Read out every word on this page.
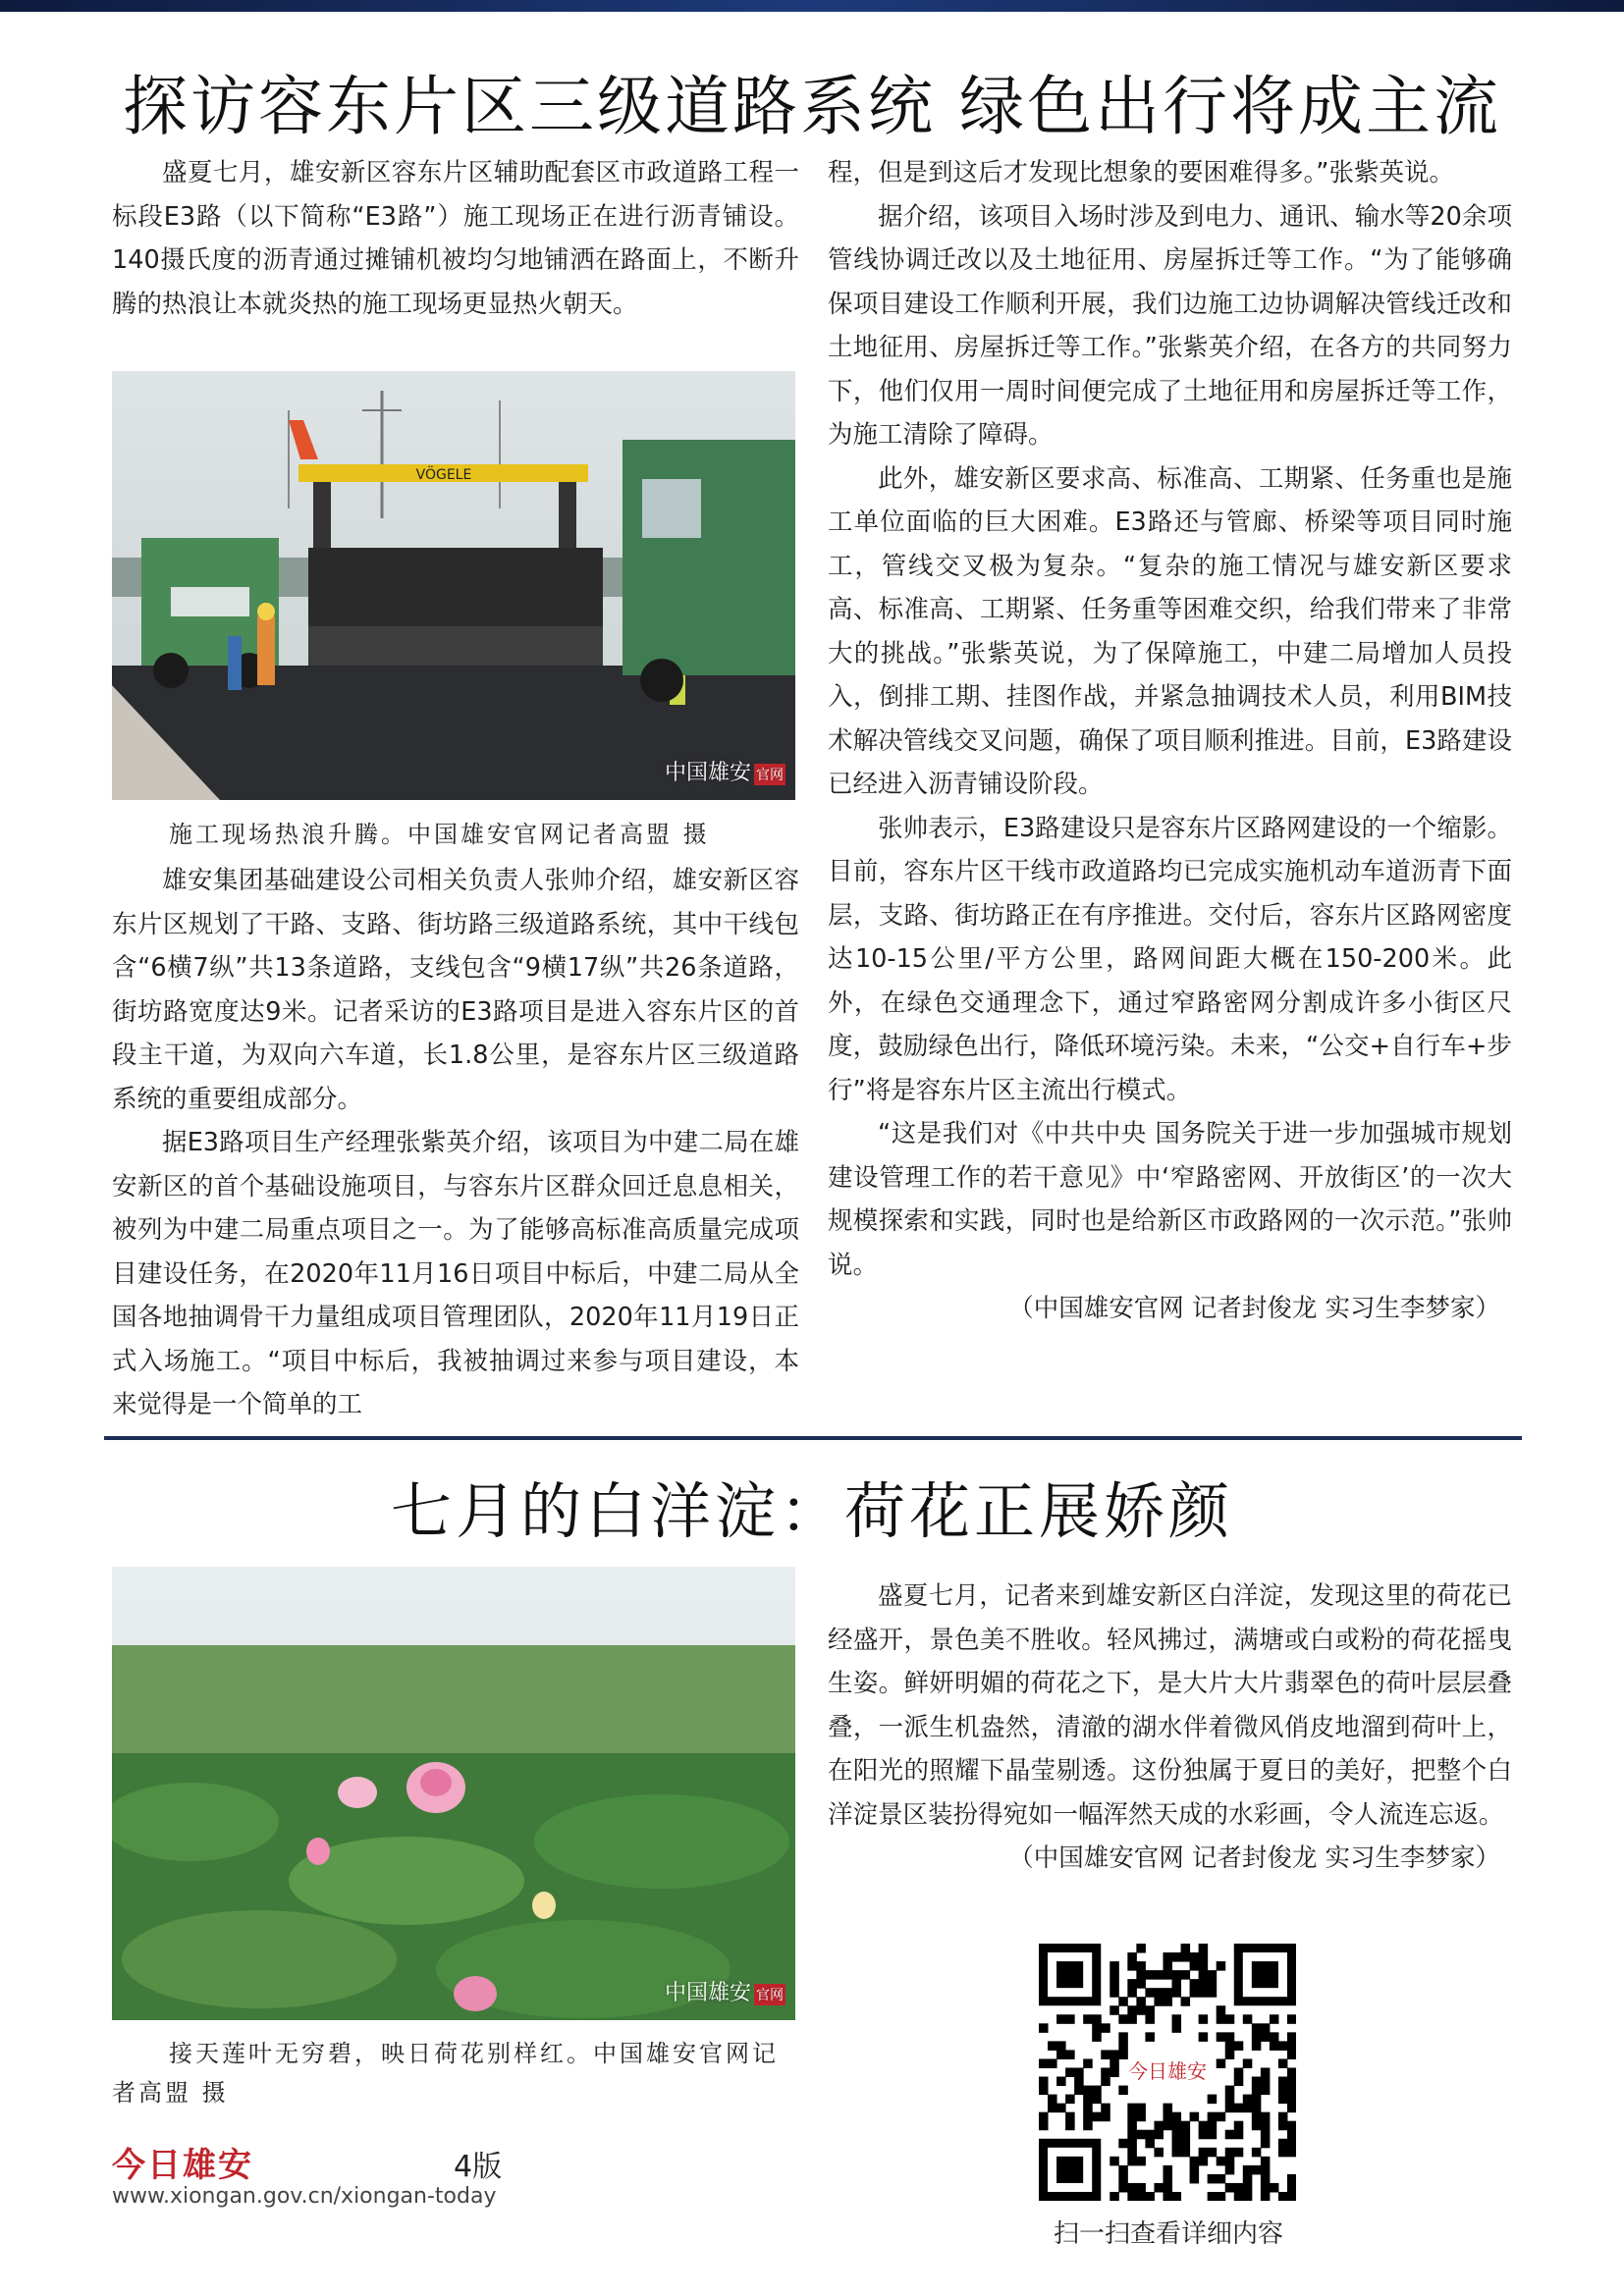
探访容东片区三级道路系统 绿色出行将成主流

盛夏七月，雄安新区容东片区辅助配套区市政道路工程一标段E3路（以下简称“E3路”）施工现场正在进行沥青铺设。140摄氏度的沥青通过摊铺机被均匀地铺洒在路面上，不断升腾的热浪让本就炎热的施工现场更显热火朝天。

VÖGELE
中国雄安 官网
施工现场热浪升腾。中国雄安官网记者高盟 摄

雄安集团基础建设公司相关负责人张帅介绍，雄安新区容东片区规划了干路、支路、街坊路三级道路系统，其中干线包含“6横7纵”共13条道路，支线包含“9横17纵”共26条道路，街坊路宽度达9米。记者采访的E3路项目是进入容东片区的首段主干道，为双向六车道，长1.8公里，是容东片区三级道路系统的重要组成部分。

据E3路项目生产经理张紫英介绍，该项目为中建二局在雄安新区的首个基础设施项目，与容东片区群众回迁息息相关，被列为中建二局重点项目之一。为了能够高标准高质量完成项目建设任务，在2020年11月16日项目中标后，中建二局从全国各地抽调骨干力量组成项目管理团队，2020年11月19日正式入场施工。“项目中标后，我被抽调过来参与项目建设，本来觉得是一个简单的工

程，但是到这后才发现比想象的要困难得多。”张紫英说。

据介绍，该项目入场时涉及到电力、通讯、输水等20余项管线协调迁改以及土地征用、房屋拆迁等工作。“为了能够确保项目建设工作顺利开展，我们边施工边协调解决管线迁改和土地征用、房屋拆迁等工作。”张紫英介绍，在各方的共同努力下，他们仅用一周时间便完成了土地征用和房屋拆迁等工作，为施工清除了障碍。

此外，雄安新区要求高、标准高、工期紧、任务重也是施工单位面临的巨大困难。E3路还与管廊、桥梁等项目同时施工，管线交叉极为复杂。“复杂的施工情况与雄安新区要求高、标准高、工期紧、任务重等困难交织，给我们带来了非常大的挑战。”张紫英说，为了保障施工，中建二局增加人员投入，倒排工期、挂图作战，并紧急抽调技术人员，利用BIM技术解决管线交叉问题，确保了项目顺利推进。目前，E3路建设已经进入沥青铺设阶段。

张帅表示，E3路建设只是容东片区路网建设的一个缩影。目前，容东片区干线市政道路均已完成实施机动车道沥青下面层，支路、街坊路正在有序推进。交付后，容东片区路网密度达10-15公里/平方公里，路网间距大概在150-200米。此外，在绿色交通理念下，通过窄路密网分割成许多小街区尺度，鼓励绿色出行，降低环境污染。未来，“公交+自行车+步行”将是容东片区主流出行模式。

“这是我们对《中共中央 国务院关于进一步加强城市规划建设管理工作的若干意见》中‘窄路密网、开放街区’的一次大规模探索和实践，同时也是给新区市政路网的一次示范。”张帅说。

（中国雄安官网 记者封俊龙 实习生李梦家）

七月的白洋淀：荷花正展娇颜
中国雄安 官网
接天莲叶无穷碧，映日荷花别样红。中国雄安官网记者高盟 摄

盛夏七月，记者来到雄安新区白洋淀，发现这里的荷花已经盛开，景色美不胜收。轻风拂过，满塘或白或粉的荷花摇曳生姿。鲜妍明媚的荷花之下，是大片大片翡翠色的荷叶层层叠叠，一派生机盎然，清澈的湖水伴着微风俏皮地溜到荷叶上，在阳光的照耀下晶莹剔透。这份独属于夏日的美好，把整个白洋淀景区装扮得宛如一幅浑然天成的水彩画，令人流连忘返。

（中国雄安官网 记者封俊龙 实习生李梦家）

今日雄安
扫一扫查看详细内容
今日雄安	4版
www.xiongan.gov.cn/xiongan-today
